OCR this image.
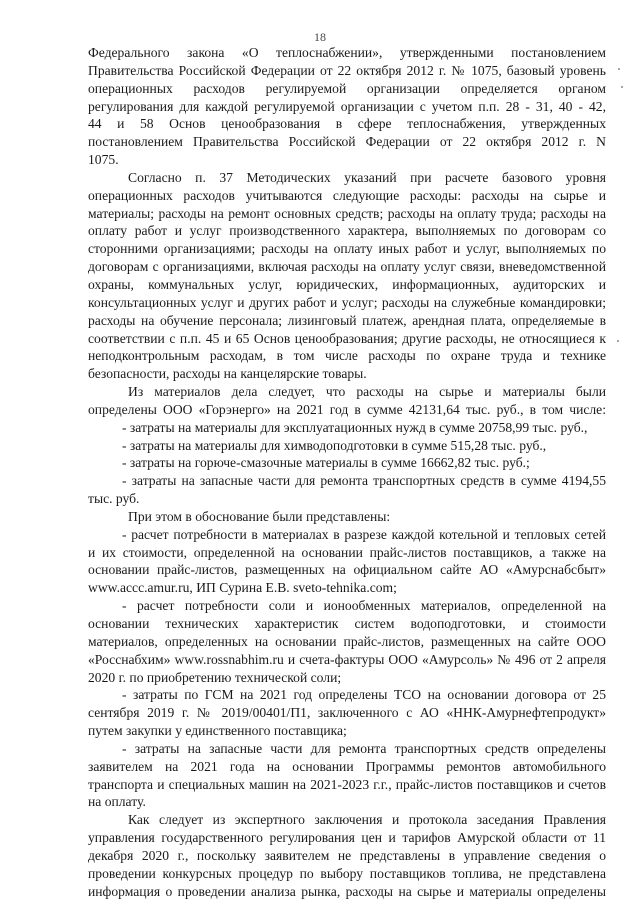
18
Федерального закона «О теплоснабжении», утвержденными постановлением
Правительства Российской Федерации от 22 октября 2012 г. № 1075, базовый уровень
операционных расходов регулируемой организации определяется органом
регулирования для каждой регулируемой организации с учетом п.п. 28 - 31, 40 - 42,
44 и 58 Основ ценообразования в сфере теплоснабжения, утвержденных
постановлением Правительства Российской Федерации от 22 октября 2012 г. N
1075.
Согласно п. 37 Методических указаний при расчете базового уровня
операционных расходов учитываются следующие расходы: расходы на сырье и
материалы; расходы на ремонт основных средств; расходы на оплату труда; расходы на
оплату работ и услуг производственного характера, выполняемых по договорам со
сторонними организациями; расходы на оплату иных работ и услуг, выполняемых по
договорам с организациями, включая расходы на оплату услуг связи, вневедомственной
охраны, коммунальных услуг, юридических, информационных, аудиторских и
консультационных услуг и других работ и услуг; расходы на служебные командировки;
расходы на обучение персонала; лизинговый платеж, арендная плата, определяемые в
соответствии с п.п. 45 и 65 Основ ценообразования; другие расходы, не относящиеся к
неподконтрольным расходам, в том числе расходы по охране труда и технике
безопасности, расходы на канцелярские товары.
Из материалов дела следует, что расходы на сырье и материалы были
определены ООО «Горэнерго» на 2021 год в сумме 42131,64 тыс. руб., в том числе:
- затраты на материалы для эксплуатационных нужд в сумме 20758,99 тыс. руб.,
- затраты на материалы для химводоподготовки в сумме 515,28 тыс. руб.,
- затраты на горюче-смазочные материалы в сумме 16662,82 тыс. руб.;
- затраты на запасные части для ремонта транспортных средств в сумме 4194,55
тыс. руб.
При этом в обоснование были представлены:
- расчет потребности в материалах в разрезе каждой котельной и тепловых сетей
и их стоимости, определенной на основании прайс-листов поставщиков, а также на
основании прайс-листов, размещенных на официальном сайте АО «Амурснабсбыт»
www.accc.amur.ru, ИП Сурина Е.В. sveto-tehnika.com;
- расчет потребности соли и ионообменных материалов, определенной на
основании технических характеристик систем водоподготовки, и стоимости
материалов, определенных на основании прайс-листов, размещенных на сайте ООО
«Росснабхим» www.rossnabhim.ru и счета-фактуры ООО «Амурсоль» № 496 от 2 апреля
2020 г. по приобретению технической соли;
- затраты по ГСМ на 2021 год определены ТСО на основании договора от 25
сентября 2019 г. № 2019/00401/П1, заключенного с АО «ННК-Амурнефтепродукт»
путем закупки у единственного поставщика;
- затраты на запасные части для ремонта транспортных средств определены
заявителем на 2021 года на основании Программы ремонтов автомобильного
транспорта и специальных машин на 2021-2023 г.г., прайс-листов поставщиков и счетов
на оплату.
Как следует из экспертного заключения и протокола заседания Правления
управления государственного регулирования цен и тарифов Амурской области от 11
декабря 2020 г., поскольку заявителем не представлены в управление сведения о
проведении конкурсных процедур по выбору поставщиков топлива, не представлена
информация о проведении анализа рынка, расходы на сырье и материалы определены
